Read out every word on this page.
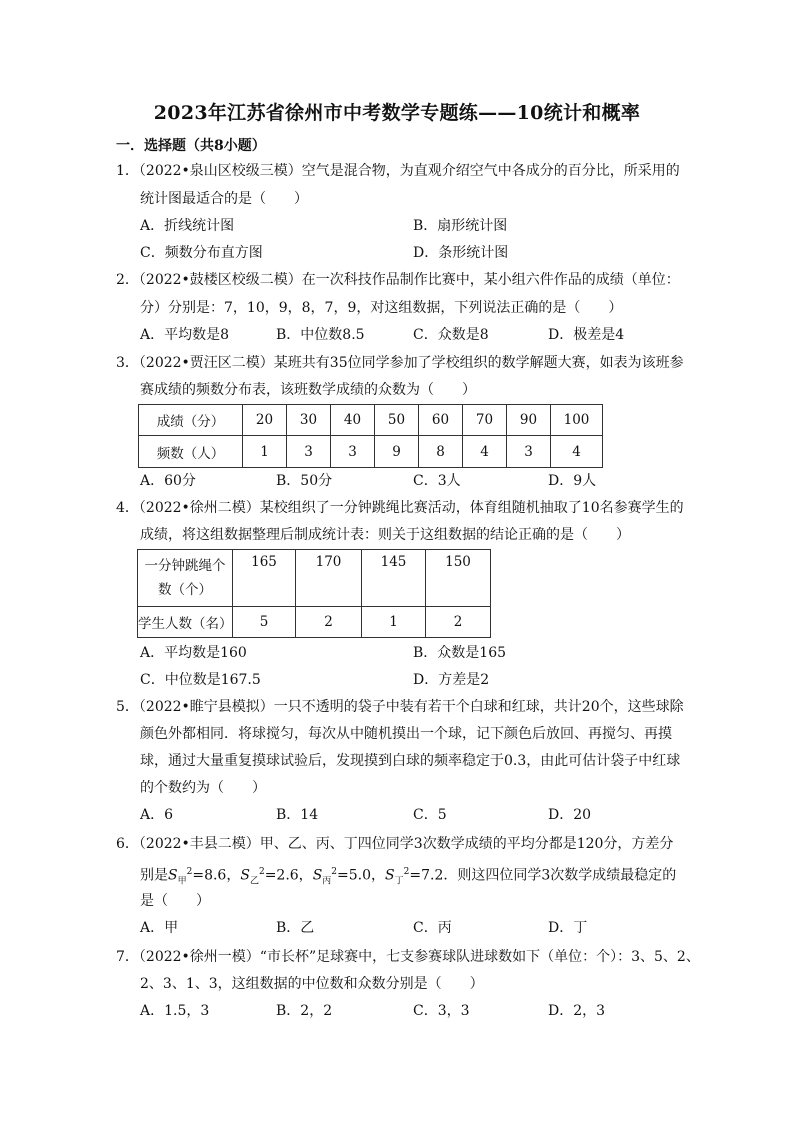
2023年江苏省徐州市中考数学专题练——10统计和概率
一．选择题（共8小题）
1．（2022•泉山区校级三模）空气是混合物，为直观介绍空气中各成分的百分比，所采用的
统计图最适合的是（　　）
A．折线统计图	B．扇形统计图
C．频数分布直方图	D．条形统计图
2．（2022•鼓楼区校级二模）在一次科技作品制作比赛中，某小组六件作品的成绩（单位：
分）分别是：7，10，9，8，7，9，对这组数据，下列说法正确的是（　　）
A．平均数是8	B．中位数8.5	C．众数是8	D．极差是4
3．（2022•贾汪区二模）某班共有35位同学参加了学校组织的数学解题大赛，如表为该班参
赛成绩的频数分布表，该班数学成绩的众数为（　　）
成绩（分）	20	30	40	50	60	70	90	100
频数（人）	1	3	3	9	8	4	3	4
A．60分	B．50分	C．3人	D．9人
4．（2022•徐州二模）某校组织了一分钟跳绳比赛活动，体育组随机抽取了10名参赛学生的
成绩，将这组数据整理后制成统计表：则关于这组数据的结论正确的是（　　）
一分钟跳绳个
数（个）	165	170	145	150
学生人数（名）	5	2	1	2
A．平均数是160	B．众数是165
C．中位数是167.5	D．方差是2
5．（2022•睢宁县模拟）一只不透明的袋子中装有若干个白球和红球，共计20个，这些球除
颜色外都相同．将球搅匀，每次从中随机摸出一个球，记下颜色后放回、再搅匀、再摸
球，通过大量重复摸球试验后，发现摸到白球的频率稳定于0.3，由此可估计袋子中红球
的个数约为（　　）
A．6	B．14	C．5	D．20
6．（2022•丰县二模）甲、乙、丙、丁四位同学3次数学成绩的平均分都是120分，方差分
别是$S_甲^2=8.6$，$S_乙^2=2.6$，$S_丙^2=5.0$，$S_丁^2=7.2$．则这四位同学3次数学成绩最稳定的
是（　　）
A．甲	B．乙	C．丙	D．丁
7．（2022•徐州一模）“市长杯”足球赛中，七支参赛球队进球数如下（单位：个）：3、5、2、
2、3、1、3，这组数据的中位数和众数分别是（　　）
A．1.5，3	B．2，2	C．3，3	D．2，3
